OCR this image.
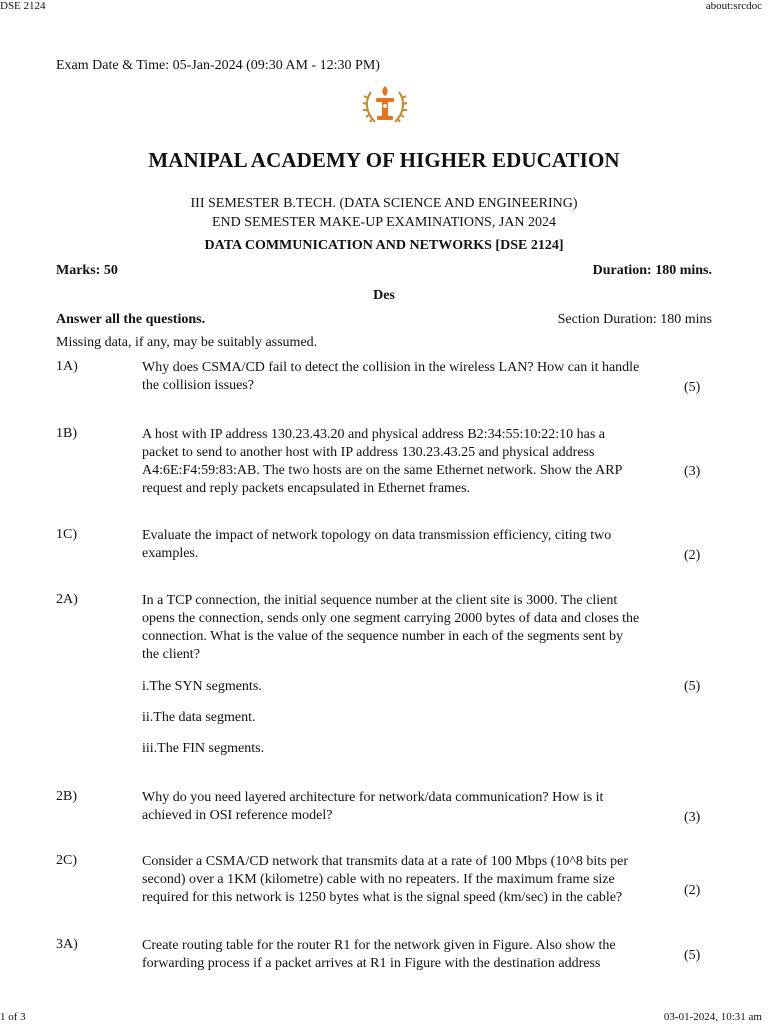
DSE 2124	about:srcdoc
1 of 3	03-01-2024, 10:31 am
Exam Date & Time: 05-Jan-2024 (09:30 AM - 12:30 PM)
MANIPAL ACADEMY OF HIGHER EDUCATION
III SEMESTER B.TECH. (DATA SCIENCE AND ENGINEERING)
END SEMESTER MAKE-UP EXAMINATIONS, JAN 2024
DATA COMMUNICATION AND NETWORKS [DSE 2124]
Marks: 50	Duration: 180 mins.
Des
Answer all the questions.	Section Duration: 180 mins
Missing data, if any, may be suitably assumed.
1A)	Why does CSMA/CD fail to detect the collision in the wireless LAN? How can it handle
the collision issues?	(5)
1B)	A host with IP address 130.23.43.20 and physical address B2:34:55:10:22:10 has a
packet to send to another host with IP address 130.23.43.25 and physical address
A4:6E:F4:59:83:AB. The two hosts are on the same Ethernet network. Show the ARP
request and reply packets encapsulated in Ethernet frames.
(3)
1C)	Evaluate the impact of network topology on data transmission efficiency, citing two
examples.	(2)
2A)	In a TCP connection, the initial sequence number at the client site is 3000. The client
opens the connection, sends only one segment carrying 2000 bytes of data and closes the
connection. What is the value of the sequence number in each of the segments sent by
the client?
i.The SYN segments.	(5)
ii.The data segment.
iii.The FIN segments.
2B)	Why do you need layered architecture for network/data communication? How is it
achieved in OSI reference model?	(3)
2C)	Consider a CSMA/CD network that transmits data at a rate of 100 Mbps (10^8 bits per
second) over a 1KM (kilometre) cable with no repeaters. If the maximum frame size
required for this network is 1250 bytes what is the signal speed (km/sec) in the cable?	(2)
3A)	Create routing table for the router R1 for the network given in Figure. Also show the
forwarding process if a packet arrives at R1 in Figure with the destination address
(5)
